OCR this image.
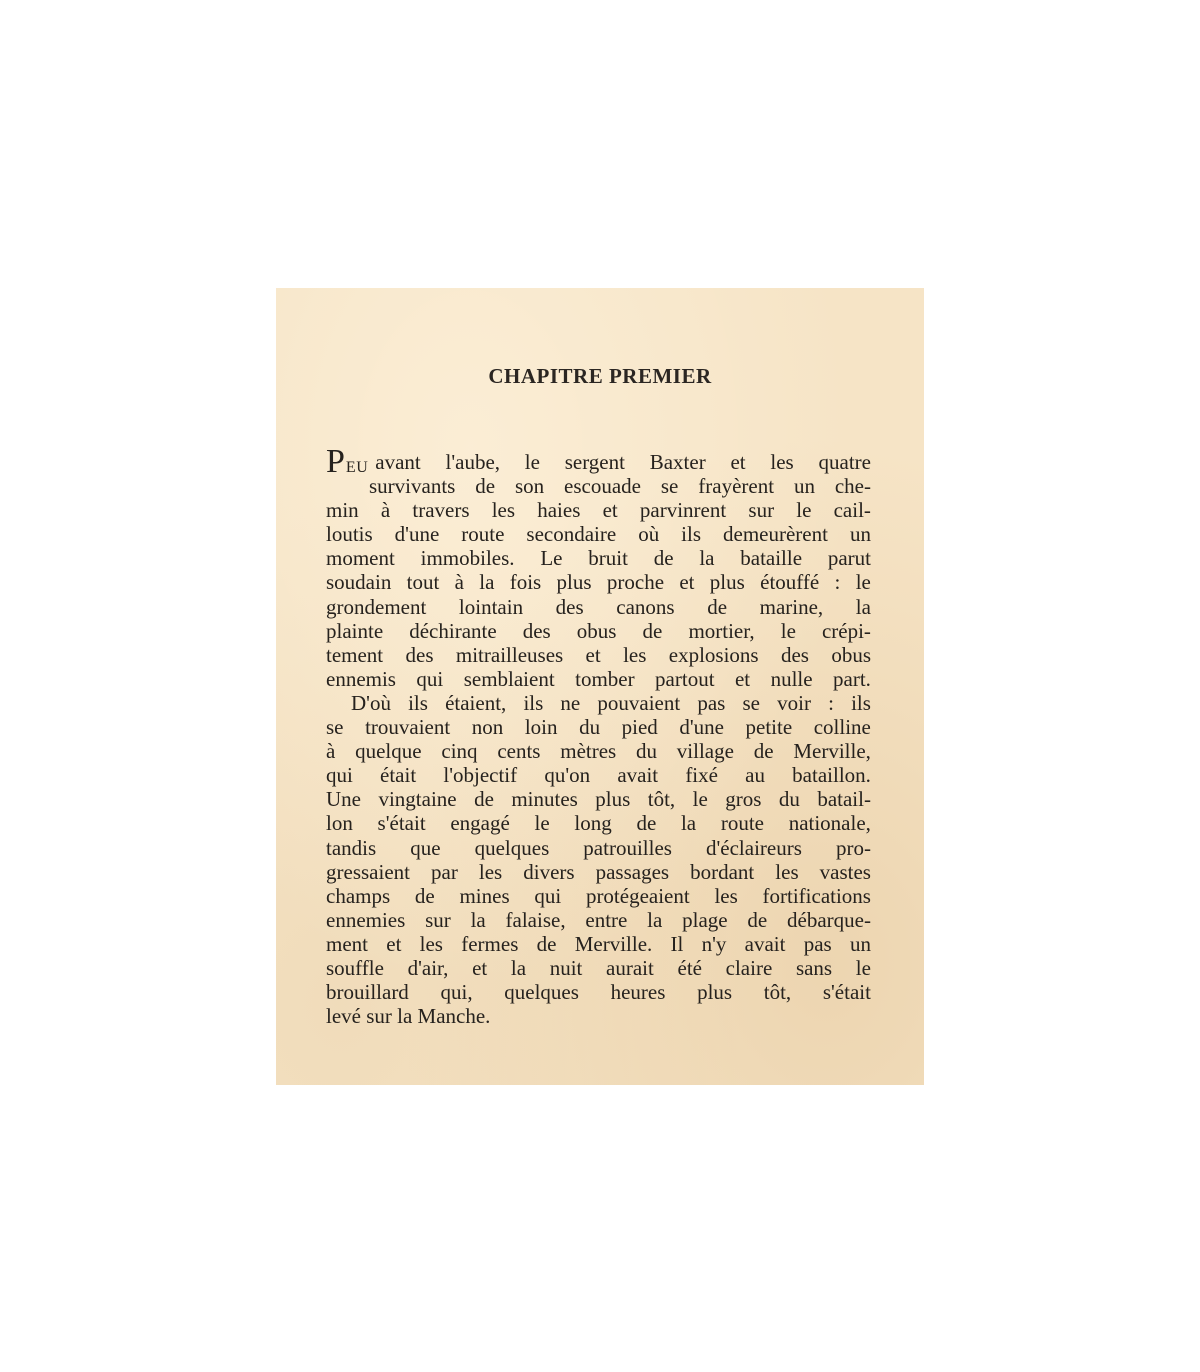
CHAPITRE PREMIER
P EU avant l'aube, le sergent Baxter et les quatre
survivants de son escouade se frayèrent un che-
min à travers les haies et parvinrent sur le cail-
loutis d'une route secondaire où ils demeurèrent un
moment immobiles. Le bruit de la bataille parut
soudain tout à la fois plus proche et plus étouffé : le
grondement lointain des canons de marine, la
plainte déchirante des obus de mortier, le crépi-
tement des mitrailleuses et les explosions des obus
ennemis qui semblaient tomber partout et nulle part.
D'où ils étaient, ils ne pouvaient pas se voir : ils
se trouvaient non loin du pied d'une petite colline
à quelque cinq cents mètres du village de Merville,
qui était l'objectif qu'on avait fixé au bataillon.
Une vingtaine de minutes plus tôt, le gros du batail-
lon s'était engagé le long de la route nationale,
tandis que quelques patrouilles d'éclaireurs pro-
gressaient par les divers passages bordant les vastes
champs de mines qui protégeaient les fortifications
ennemies sur la falaise, entre la plage de débarque-
ment et les fermes de Merville. Il n'y avait pas un
souffle d'air, et la nuit aurait été claire sans le
brouillard qui, quelques heures plus tôt, s'était
levé sur la Manche.
